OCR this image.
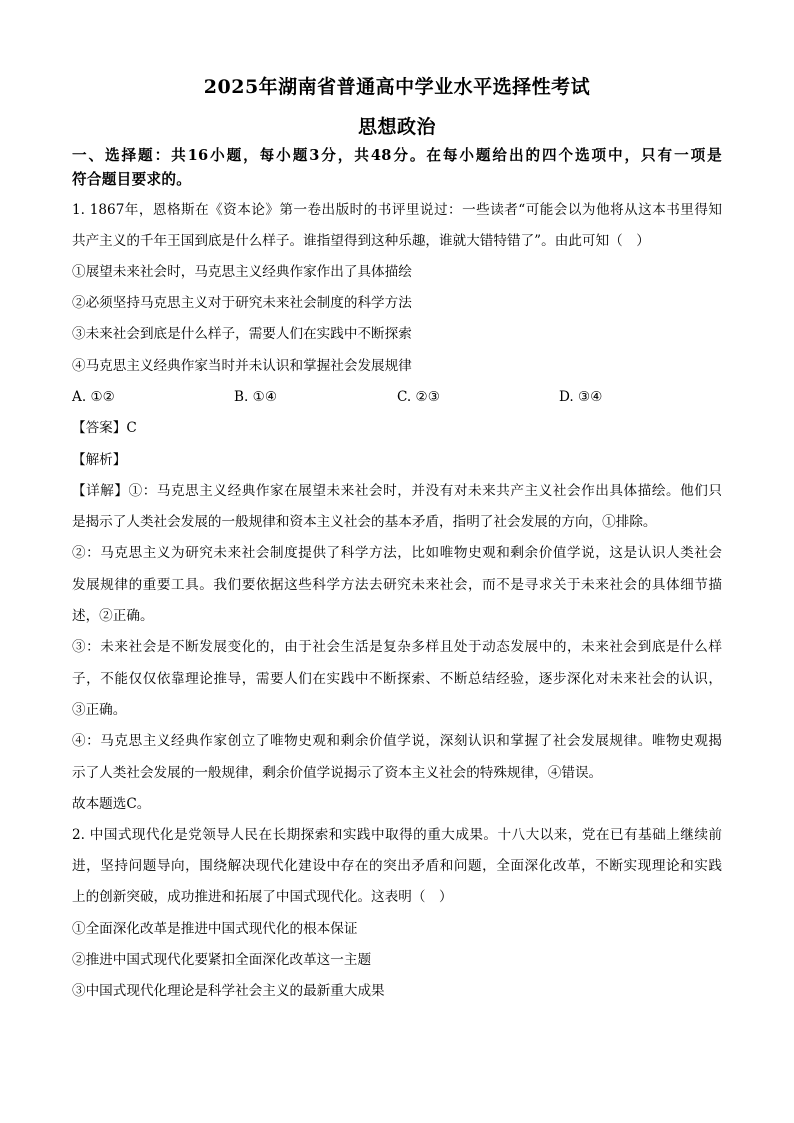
2025年湖南省普通高中学业水平选择性考试
思想政治
一、选择题：共16小题，每小题3分，共48分。在每小题给出的四个选项中，只有一项是
符合题目要求的。
1. 1867年，恩格斯在《资本论》第一卷出版时的书评里说过：一些读者“可能会以为他将从这本书里得知
共产主义的千年王国到底是什么样子。谁指望得到这种乐趣，谁就大错特错了”。由此可知（　）
①展望未来社会时，马克思主义经典作家作出了具体描绘
②必须坚持马克思主义对于研究未来社会制度的科学方法
③未来社会到底是什么样子，需要人们在实践中不断探索
④马克思主义经典作家当时并未认识和掌握社会发展规律
A. ①②	B. ①④	C. ②③	D. ③④
【答案】C
【解析】
【详解】①：马克思主义经典作家在展望未来社会时，并没有对未来共产主义社会作出具体描绘。他们只
是揭示了人类社会发展的一般规律和资本主义社会的基本矛盾，指明了社会发展的方向，①排除。
②：马克思主义为研究未来社会制度提供了科学方法，比如唯物史观和剩余价值学说，这是认识人类社会
发展规律的重要工具。我们要依据这些科学方法去研究未来社会，而不是寻求关于未来社会的具体细节描
述，②正确。
③：未来社会是不断发展变化的，由于社会生活是复杂多样且处于动态发展中的，未来社会到底是什么样
子，不能仅仅依靠理论推导，需要人们在实践中不断探索、不断总结经验，逐步深化对未来社会的认识，
③正确。
④：马克思主义经典作家创立了唯物史观和剩余价值学说，深刻认识和掌握了社会发展规律。唯物史观揭
示了人类社会发展的一般规律，剩余价值学说揭示了资本主义社会的特殊规律，④错误。
故本题选C。
2. 中国式现代化是党领导人民在长期探索和实践中取得的重大成果。十八大以来，党在已有基础上继续前
进，坚持问题导向，围绕解决现代化建设中存在的突出矛盾和问题，全面深化改革，不断实现理论和实践
上的创新突破，成功推进和拓展了中国式现代化。这表明（　）
①全面深化改革是推进中国式现代化的根本保证
②推进中国式现代化要紧扣全面深化改革这一主题
③中国式现代化理论是科学社会主义的最新重大成果
